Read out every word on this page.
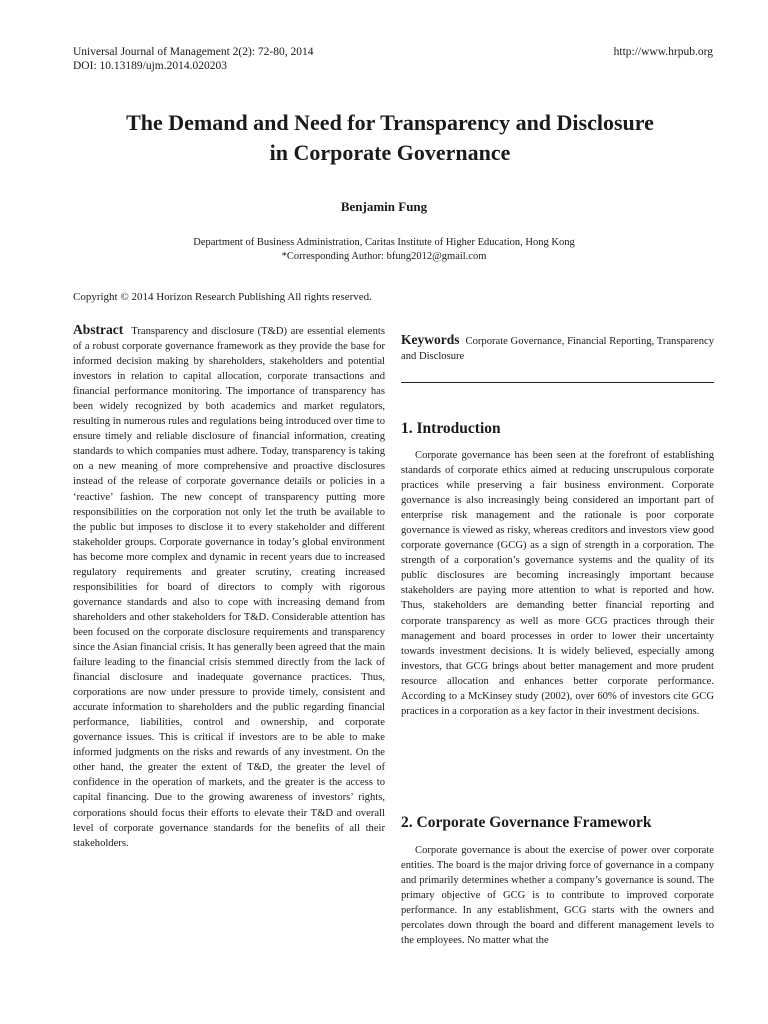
Universal Journal of Management 2(2): 72-80, 2014
DOI: 10.13189/ujm.2014.020203
http://www.hrpub.org
The Demand and Need for Transparency and Disclosure
in Corporate Governance
Benjamin Fung
Department of Business Administration, Caritas Institute of Higher Education, Hong Kong
*Corresponding Author: bfung2012@gmail.com
Copyright © 2014 Horizon Research Publishing All rights reserved.
Abstract Transparency and disclosure (T&D) are essential elements of a robust corporate governance framework as they provide the base for informed decision making by shareholders, stakeholders and potential investors in relation to capital allocation, corporate transactions and financial performance monitoring. The importance of transparency has been widely recognized by both academics and market regulators, resulting in numerous rules and regulations being introduced over time to ensure timely and reliable disclosure of financial information, creating standards to which companies must adhere. Today, transparency is taking on a new meaning of more comprehensive and proactive disclosures instead of the release of corporate governance details or policies in a ‘reactive’ fashion. The new concept of transparency putting more responsibilities on the corporation not only let the truth be available to the public but imposes to disclose it to every stakeholder and different stakeholder groups. Corporate governance in today’s global environment has become more complex and dynamic in recent years due to increased regulatory requirements and greater scrutiny, creating increased responsibilities for board of directors to comply with rigorous governance standards and also to cope with increasing demand from shareholders and other stakeholders for T&D. Considerable attention has been focused on the corporate disclosure requirements and transparency since the Asian financial crisis. It has generally been agreed that the main failure leading to the financial crisis stemmed directly from the lack of financial disclosure and inadequate governance practices. Thus, corporations are now under pressure to provide timely, consistent and accurate information to shareholders and the public regarding financial performance, liabilities, control and ownership, and corporate governance issues. This is critical if investors are to be able to make informed judgments on the risks and rewards of any investment. On the other hand, the greater the extent of T&D, the greater the level of confidence in the operation of markets, and the greater is the access to capital financing. Due to the growing awareness of investors’ rights, corporations should focus their efforts to elevate their T&D and overall level of corporate governance standards for the benefits of all their stakeholders.
Keywords Corporate Governance, Financial Reporting, Transparency and Disclosure
1. Introduction

Corporate governance has been seen at the forefront of establishing standards of corporate ethics aimed at reducing unscrupulous corporate practices while preserving a fair business environment. Corporate governance is also increasingly being considered an important part of enterprise risk management and the rationale is poor corporate governance is viewed as risky, whereas creditors and investors view good corporate governance (GCG) as a sign of strength in a corporation. The strength of a corporation’s governance systems and the quality of its public disclosures are becoming increasingly important because stakeholders are paying more attention to what is reported and how. Thus, stakeholders are demanding better financial reporting and corporate transparency as well as more GCG practices through their management and board processes in order to lower their uncertainty towards investment decisions. It is widely believed, especially among investors, that GCG brings about better management and more prudent resource allocation and enhances better corporate performance. According to a McKinsey study (2002), over 60% of investors cite GCG practices in a corporation as a key factor in their investment decisions.

2. Corporate Governance Framework

Corporate governance is about the exercise of power over corporate entities. The board is the major driving force of governance in a company and primarily determines whether a company’s governance is sound. The primary objective of GCG is to contribute to improved corporate performance. In any establishment, GCG starts with the owners and percolates down through the board and different management levels to the employees. No matter what the
